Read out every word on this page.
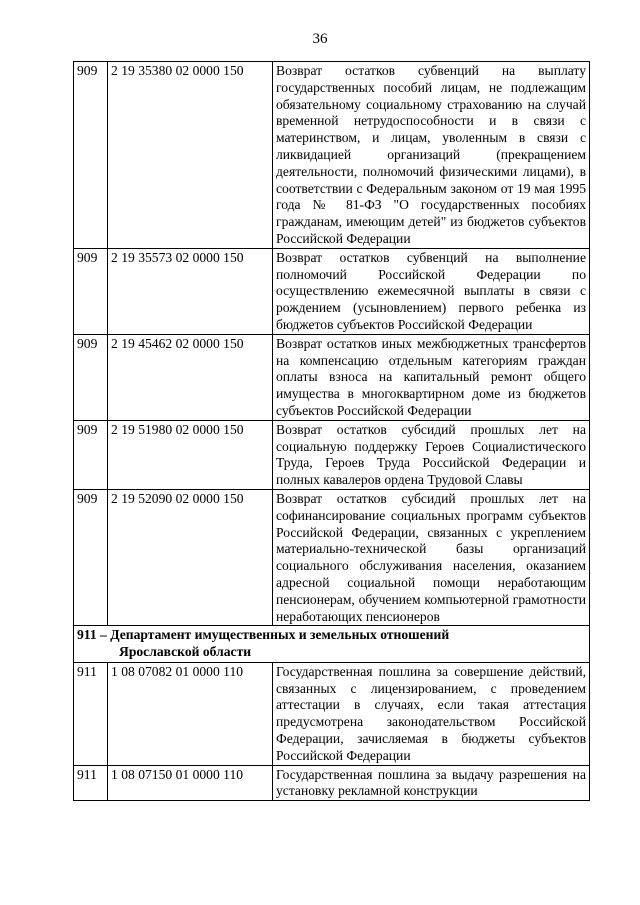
36
909	2 19 35380 02 0000 150	Возврат остатков субвенций на выплату государственных пособий лицам, не подлежащим обязательному социальному страхованию на случай временной нетрудоспособности и в связи с материнством, и лицам, уволенным в связи с ликвидацией организаций (прекращением деятельности, полномочий физическими лицами), в соответствии с Федеральным законом от 19 мая 1995 года № 81-ФЗ "О государственных пособиях гражданам, имеющим детей" из бюджетов субъектов Российской Федерации
909	2 19 35573 02 0000 150	Возврат остатков субвенций на выполнение полномочий Российской Федерации по осуществлению ежемесячной выплаты в связи с рождением (усыновлением) первого ребенка из бюджетов субъектов Российской Федерации
909	2 19 45462 02 0000 150	Возврат остатков иных межбюджетных трансфертов на компенсацию отдельным категориям граждан оплаты взноса на капитальный ремонт общего имущества в многоквартирном доме из бюджетов субъектов Российской Федерации
909	2 19 51980 02 0000 150	Возврат остатков субсидий прошлых лет на социальную поддержку Героев Социалистического Труда, Героев Труда Российской Федерации и полных кавалеров ордена Трудовой Славы
909	2 19 52090 02 0000 150	Возврат остатков субсидий прошлых лет на софинансирование социальных программ субъектов Российской Федерации, связанных с укреплением материально-технической базы организаций социального обслуживания населения, оказанием адресной социальной помощи неработающим пенсионерам, обучением компьютерной грамотности неработающих пенсионеров

911 – Департамент имущественных и земельных отношений
Ярославской области		

911	1 08 07082 01 0000 110	Государственная пошлина за совершение действий, связанных с лицензированием, с проведением аттестации в случаях, если такая аттестация предусмотрена законодательством Российской Федерации, зачисляемая в бюджеты субъектов Российской Федерации
911	1 08 07150 01 0000 110	Государственная пошлина за выдачу разрешения на установку рекламной конструкции
